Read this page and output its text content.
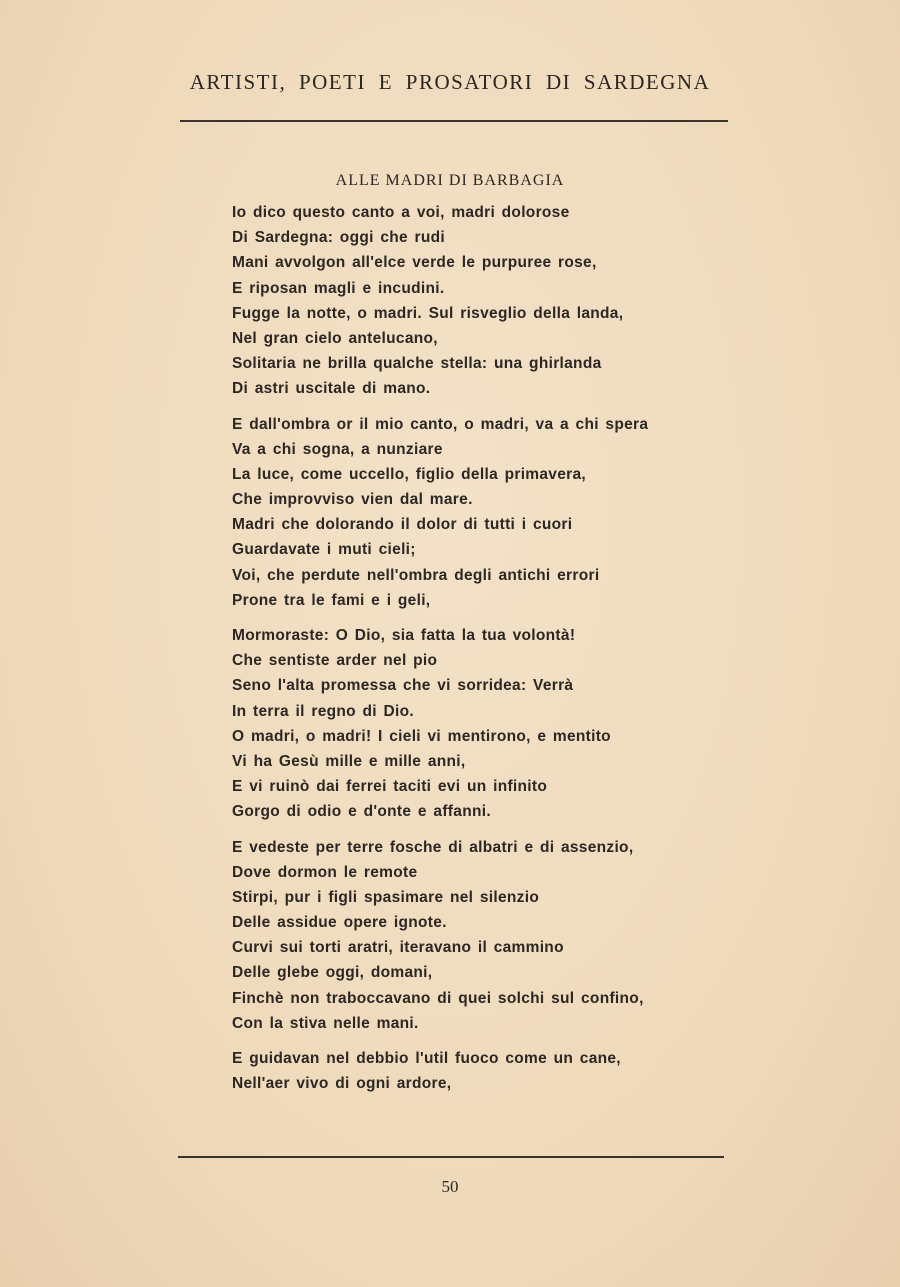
ARTISTI, POETI E PROSATORI DI SARDEGNA
ALLE MADRI DI BARBAGIA
Io dico questo canto a voi, madri dolorose
Di Sardegna: oggi che rudi
Mani avvolgon all'elce verde le purpuree rose,
E riposan magli e incudini.
Fugge la notte, o madri. Sul risveglio della landa,
Nel gran cielo antelucano,
Solitaria ne brilla qualche stella: una ghirlanda
Di astri uscitale di mano.
E dall'ombra or il mio canto, o madri, va a chi spera
Va a chi sogna, a nunziare
La luce, come uccello, figlio della primavera,
Che improvviso vien dal mare.
Madri che dolorando il dolor di tutti i cuori
Guardavate i muti cieli;
Voi, che perdute nell'ombra degli antichi errori
Prone tra le fami e i geli,
Mormoraste: O Dio, sia fatta la tua volontà!
Che sentiste arder nel pio
Seno l'alta promessa che vi sorridea: Verrà
In terra il regno di Dio.
O madri, o madri! I cieli vi mentirono, e mentito
Vi ha Gesù mille e mille anni,
E vi ruinò dai ferrei taciti evi un infinito
Gorgo di odio e d'onte e affanni.
E vedeste per terre fosche di albatri e di assenzio,
Dove dormon le remote
Stirpi, pur i figli spasimare nel silenzio
Delle assidue opere ignote.
Curvi sui torti aratri, iteravano il cammino
Delle glebe oggi, domani,
Finchè non traboccavano di quei solchi sul confino,
Con la stiva nelle mani.
E guidavan nel debbio l'util fuoco come un cane,
Nell'aer vivo di ogni ardore,
50
